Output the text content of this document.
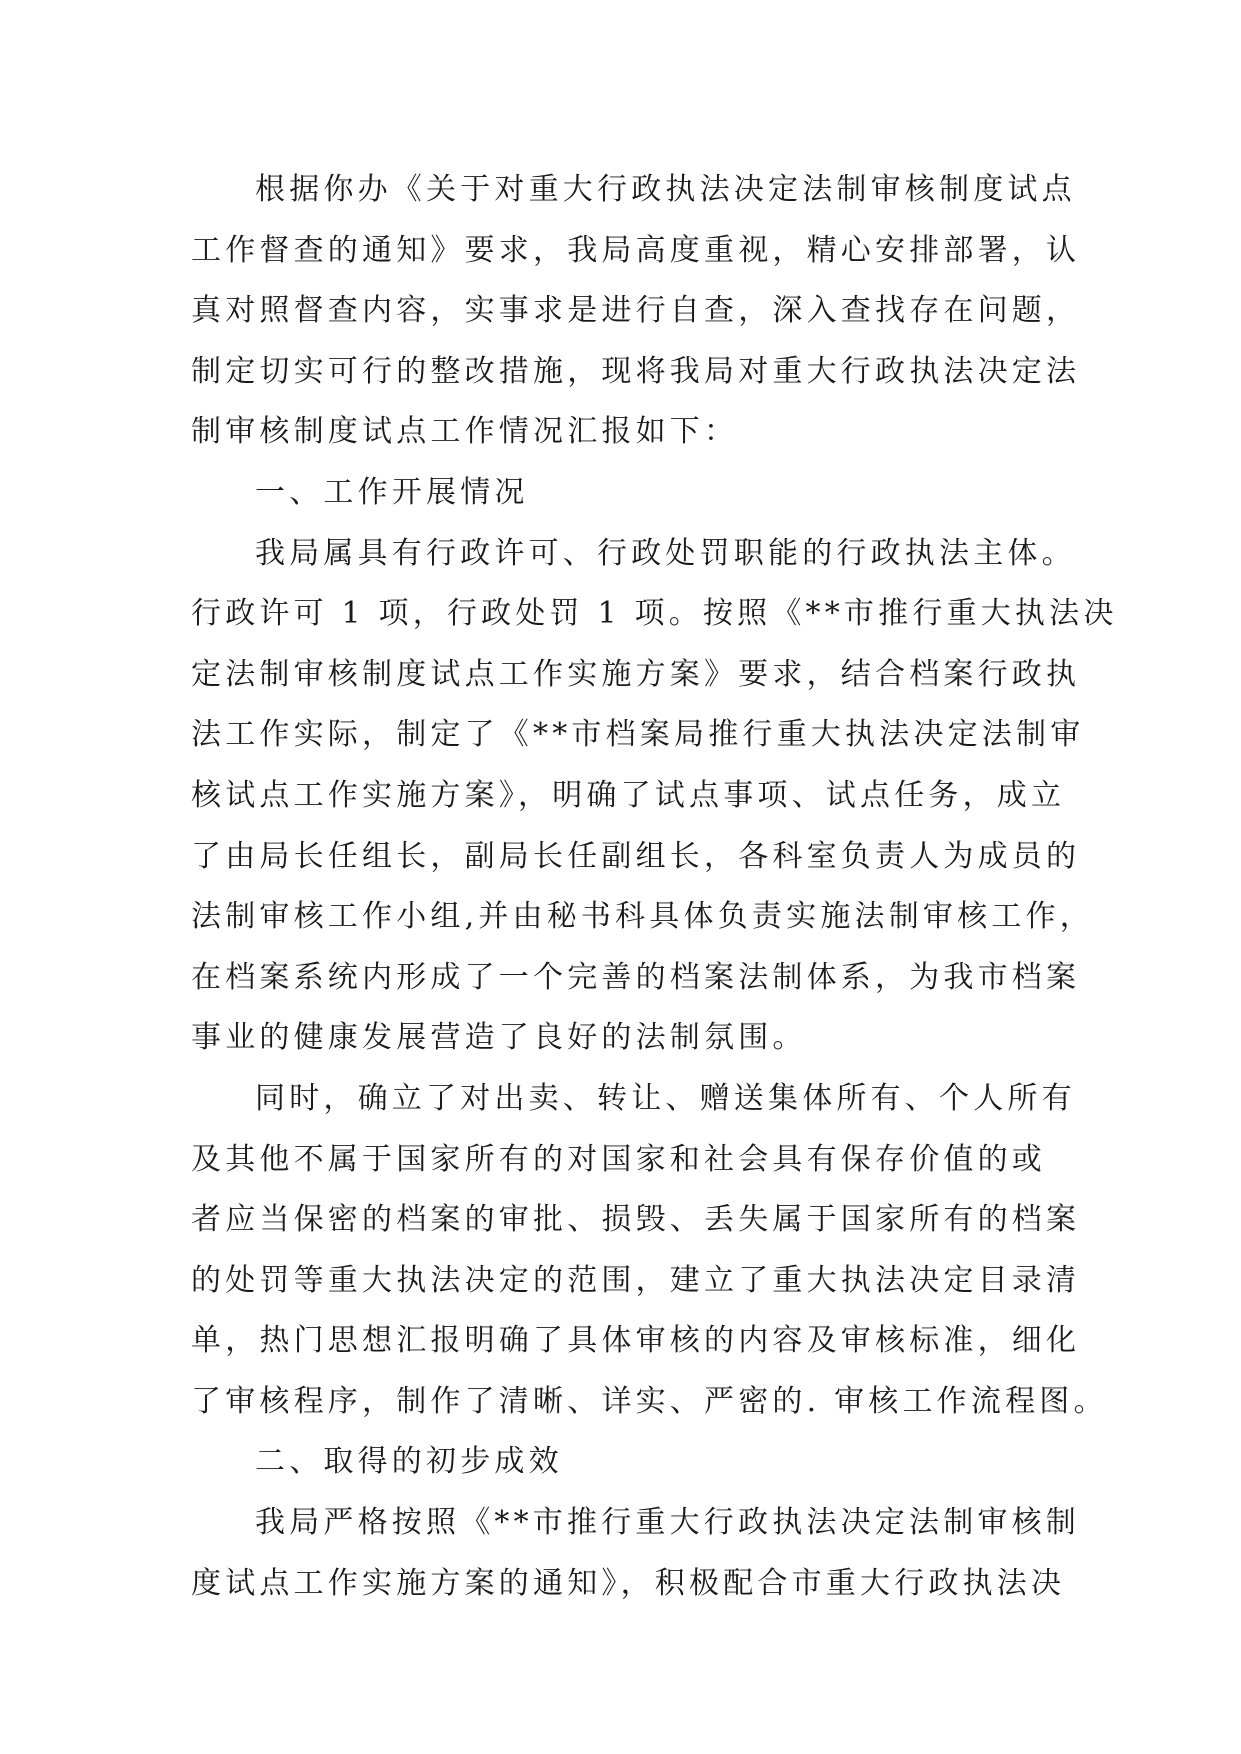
根据你办《关于对重大行政执法决定法制审核制度试点
工作督查的通知》要求，我局高度重视，精心安排部署，认
真对照督查内容，实事求是进行自查，深入查找存在问题，
制定切实可行的整改措施，现将我局对重大行政执法决定法
制审核制度试点工作情况汇报如下：
一、工作开展情况
我局属具有行政许可、行政处罚职能的行政执法主体。
行政许可 1 项，行政处罚 1 项。按照《**市推行重大执法决
定法制审核制度试点工作实施方案》要求，结合档案行政执
法工作实际，制定了《**市档案局推行重大执法决定法制审
核试点工作实施方案》，明确了试点事项、试点任务，成立
了由局长任组长，副局长任副组长，各科室负责人为成员的
法制审核工作小组,并由秘书科具体负责实施法制审核工作，
在档案系统内形成了一个完善的档案法制体系，为我市档案
事业的健康发展营造了良好的法制氛围。
同时，确立了对出卖、转让、赠送集体所有、个人所有
及其他不属于国家所有的对国家和社会具有保存价值的或
者应当保密的档案的审批、损毁、丢失属于国家所有的档案
的处罚等重大执法决定的范围，建立了重大执法决定目录清
单，热门思想汇报明确了具体审核的内容及审核标准，细化
了审核程序，制作了清晰、详实、严密的. 审核工作流程图。
二、取得的初步成效
我局严格按照《**市推行重大行政执法决定法制审核制
度试点工作实施方案的通知》，积极配合市重大行政执法决
